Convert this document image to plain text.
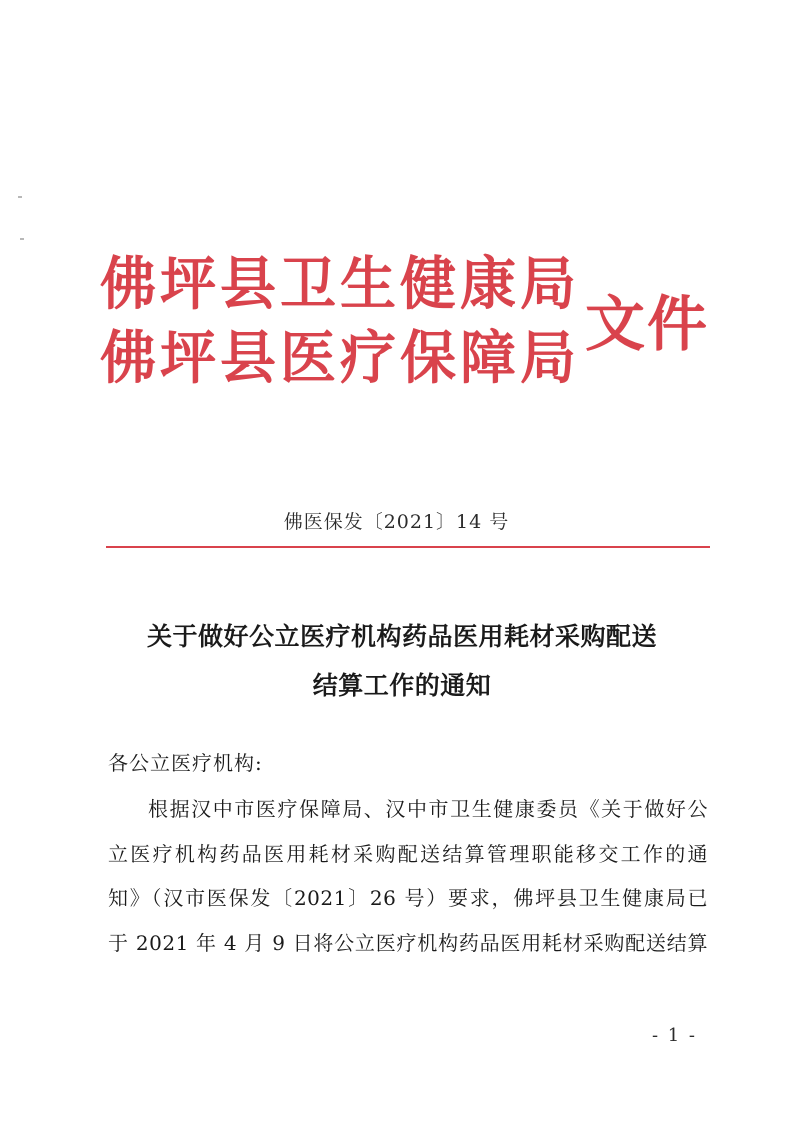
佛坪县卫生健康局
佛坪县医疗保障局 文件
佛医保发〔2021〕14 号
关于做好公立医疗机构药品医用耗材采购配送
结算工作的通知
各公立医疗机构:
根据汉中市医疗保障局、汉中市卫生健康委员《关于做好公
立医疗机构药品医用耗材采购配送结算管理职能移交工作的通
知》（汉市医保发〔2021〕26 号）要求，佛坪县卫生健康局已
于 2021 年 4 月 9 日将公立医疗机构药品医用耗材采购配送结算
- 1 -
